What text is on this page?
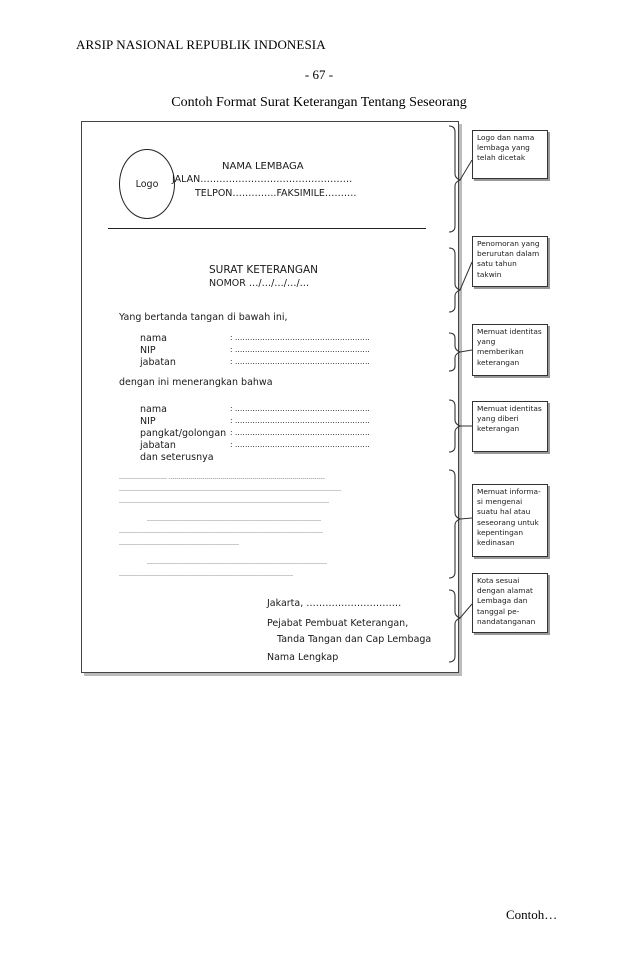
ARSIP NASIONAL REPUBLIK INDONESIA
- 67 -
Contoh Format Surat Keterangan Tentang Seseorang
Logo
NAMA LEMBAGA
JALAN…………………………………………
TELPON…………..FAKSIMILE……….
SURAT KETERANGAN
NOMOR …/…/…/…/…
Yang bertanda tangan di bawah ini,
nama	: ………………………………………………
NIP	: ………………………………………………
jabatan	: ………………………………………………
dengan ini menerangkan bahwa
nama	: ………………………………………………
NIP	: ………………………………………………
pangkat/golongan : ………………………………………………
jabatan	: ………………………………………………
dan seterusnya
…………………… ……………………………………………………………………
…………………………………………………………………………………………………
……………………………………………………………………………………………
……………………………………………………………………………
…………………………………………………………………………………………
……………………………………………………
………………………………………………………………………………
……………………………………………………………………………
Jakarta, …………………………
Pejabat Pembuat Keterangan,
Tanda Tangan dan Cap Lembaga
Nama Lengkap
Logo dan nama lembaga yang telah dicetak
Penomoran yang berurutan dalam satu tahun takwin
Memuat identitas yang memberikan keterangan
Memuat identitas yang diberi keterangan
Memuat informa-si mengenai suatu hal atau seseorang untuk kepentingan kedinasan
Kota sesuai dengan alamat Lembaga dan tanggal pe-nandatanganan
Contoh…
